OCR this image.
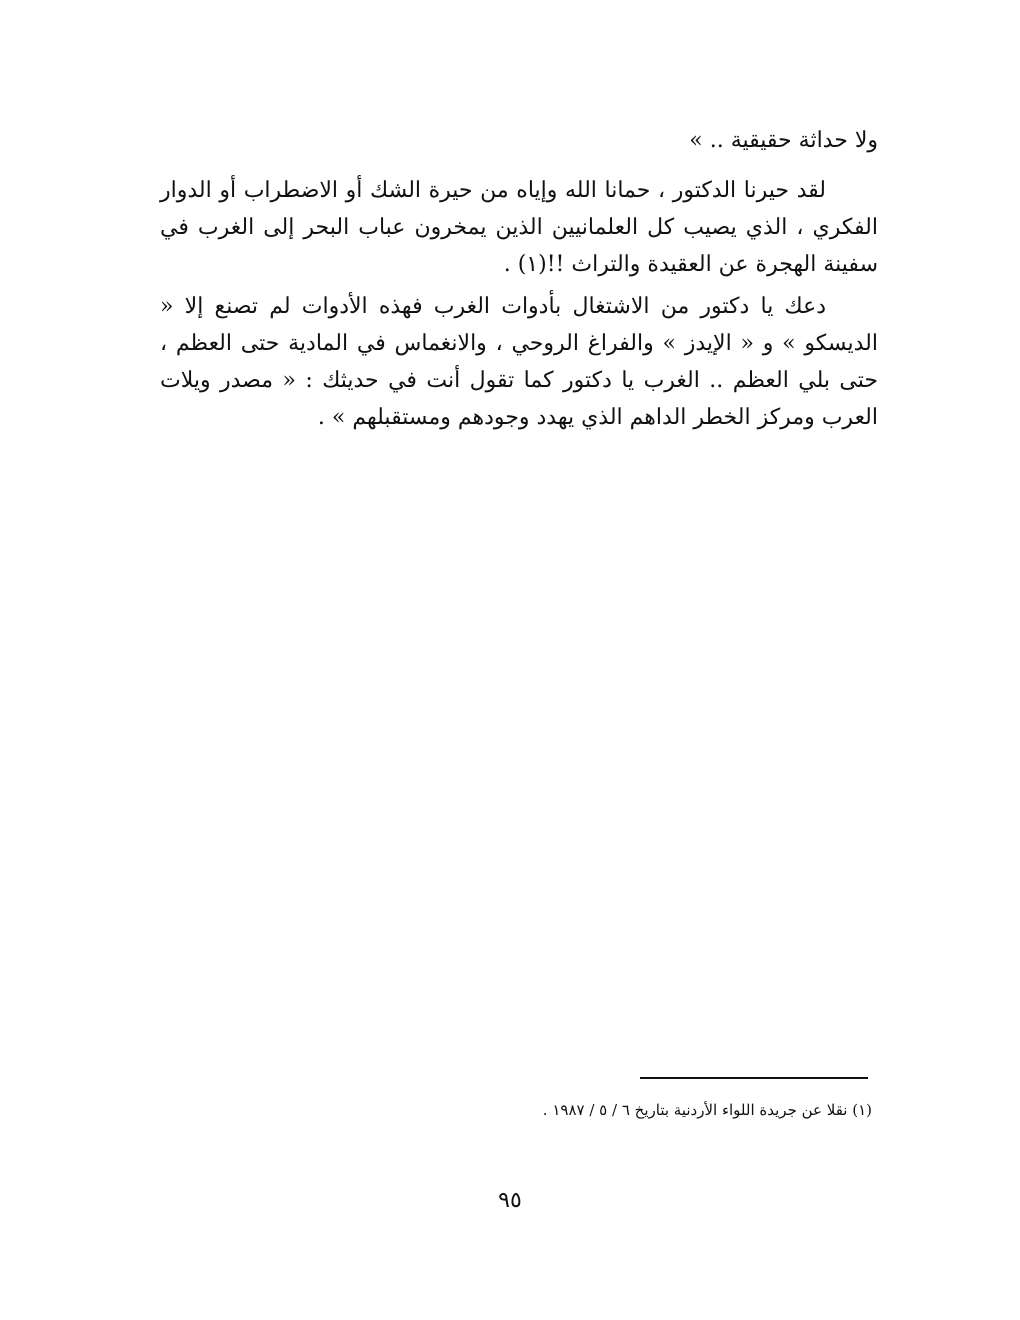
ولا حداثة حقيقية .. »

لقد حيرنا الدكتور ، حمانا الله وإياه من حيرة الشك أو الاضطراب أو الدوار الفكري ، الذي يصيب كل العلمانيين الذين يمخرون عباب البحر إلى الغرب في سفينة الهجرة عن العقيدة والتراث !!(١) .

دعك يا دكتور من الاشتغال بأدوات الغرب فهذه الأدوات لم تصنع إلا « الديسكو » و « الإيدز » والفراغ الروحي ، والانغماس في المادية حتى العظم ، حتى بلي العظم .. الغرب يا دكتور كما تقول أنت في حديثك : « مصدر ويلات العرب ومركز الخطر الداهم الذي يهدد وجودهم ومستقبلهم » .

(١) نقلا عن جريدة اللواء الأردنية بتاريخ ٦ / ٥ / ١٩٨٧ .

٩٥
